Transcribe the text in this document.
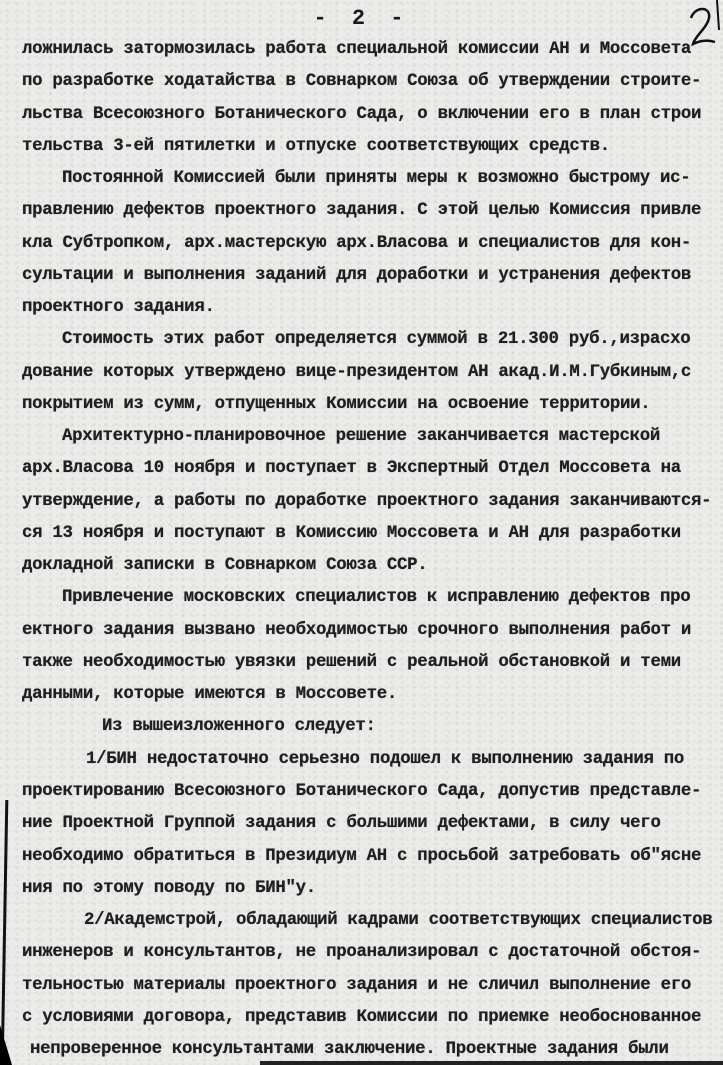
- 2 -
ложнилась затормозилась работа специальной комиссии АН и Моссовета
по разработке ходатайства в Совнарком Союза об утверждении строите-
льства Всесоюзного Ботанического Сада, о включении его в план строи
тельства 3-ей пятилетки и отпуске соответствующих средств.
Постоянной Комиссией были приняты меры к возможно быстрому ис-
правлению дефектов проектного задания. С этой целью Комиссия привле
кла Субтропком, арх.мастерскую арх.Власова и специалистов для кон-
сультации и выполнения заданий для доработки и устранения дефектов
проектного задания.
Стоимость этих работ определяется суммой в 21.300 руб.,израсхо
дование которых утверждено вице-президентом АН акад.И.М.Губкиным,с
покрытием из сумм, отпущенных Комиссии на освоение территории.
Архитектурно-планировочное решение заканчивается мастерской
арх.Власова 10 ноября и поступает в Экспертный Отдел Моссовета на
утверждение, а работы по доработке проектного задания заканчиваются-
ся 13 ноября и поступают в Комиссию Моссовета и АН для разработки
докладной записки в Совнарком Союза ССР.
Привлечение московских специалистов к исправлению дефектов про
ектного задания вызвано необходимостью срочного выполнения работ и
также необходимостью увязки решений с реальной обстановкой и теми
данными, которые имеются в Моссовете.
Из вышеизложенного следует:
1/БИН недостаточно серьезно подошел к выполнению задания по
проектированию Всесоюзного Ботанического Сада, допустив представле-
ние Проектной Группой задания с большими дефектами, в силу чего
необходимо обратиться в Президиум АН с просьбой затребовать об"ясне
ния по этому поводу по БИН"у.
2/Академстрой, обладающий кадрами соответствующих специалистов
инженеров и консультантов, не проанализировал с достаточной обстоя-
тельностью материалы проектного задания и не сличил выполнение его
с условиями договора, представив Комиссии по приемке необоснованное
непроверенное консультантами заключение. Проектные задания были
